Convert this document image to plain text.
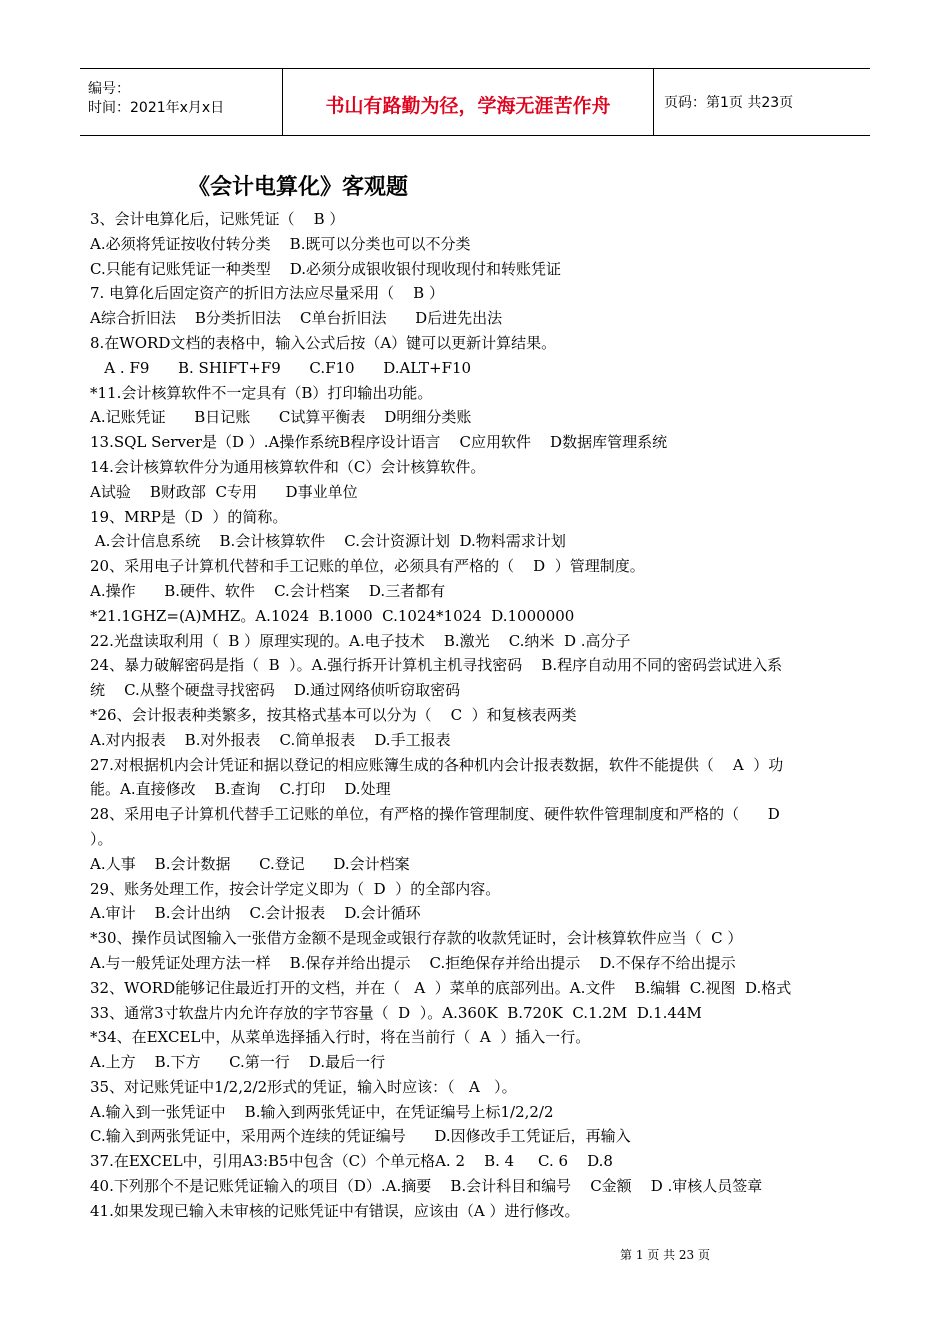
编号：
时间：2021年x月x日	书山有路勤为径，学海无涯苦作舟	页码：第1页 共23页
《会计电算化》客观题
3、会计电算化后，记账凭证（    B ）
A.必须将凭证按收付转分类    B.既可以分类也可以不分类
C.只能有记账凭证一种类型    D.必须分成银收银付现收现付和转账凭证
7. 电算化后固定资产的折旧方法应尽量采用（    B ）
A综合折旧法    B分类折旧法    C单台折旧法      D后进先出法
8.在WORD文档的表格中，输入公式后按（A）键可以更新计算结果。
A . F9      B. SHIFT+F9      C.F10      D.ALT+F10
*11.会计核算软件不一定具有（B）打印输出功能。
A.记账凭证      B日记账      C试算平衡表    D明细分类账
13.SQL Server是（D ）.A操作系统B程序设计语言    C应用软件    D数据库管理系统
14.会计核算软件分为通用核算软件和（C）会计核算软件。
A试验    B财政部  C专用      D事业单位
19、MRP是（D  ）的简称。
A.会计信息系统    B.会计核算软件    C.会计资源计划  D.物料需求计划
20、采用电子计算机代替和手工记账的单位，必须具有严格的（    D  ）管理制度。
A.操作      B.硬件、软件    C.会计档案    D.三者都有
*21.1GHZ=(A)MHZ。A.1024  B.1000  C.1024*1024  D.1000000
22.光盘读取利用（  B ）原理实现的。A.电子技术    B.激光    C.纳米  D .高分子
24、暴力破解密码是指（  B  ）。A.强行拆开计算机主机寻找密码    B.程序自动用不同的密码尝试进入系
统    C.从整个硬盘寻找密码    D.通过网络侦听窃取密码
*26、会计报表种类繁多，按其格式基本可以分为（    C  ）和复核表两类
A.对内报表    B.对外报表    C.简单报表    D.手工报表
27.对根据机内会计凭证和据以登记的相应账簿生成的各种机内会计报表数据，软件不能提供（    A  ）功
能。A.直接修改    B.查询    C.打印    D.处理
28、采用电子计算机代替手工记账的单位，有严格的操作管理制度、硬件软件管理制度和严格的（      D
）。
A.人事    B.会计数据      C.登记      D.会计档案
29、账务处理工作，按会计学定义即为（  D  ）的全部内容。
A.审计    B.会计出纳    C.会计报表    D.会计循环
*30、操作员试图输入一张借方金额不是现金或银行存款的收款凭证时，会计核算软件应当（  C ）
A.与一般凭证处理方法一样    B.保存并给出提示    C.拒绝保存并给出提示    D.不保存不给出提示
32、WORD能够记住最近打开的文档，并在（   A  ）菜单的底部列出。A.文件    B.编辑  C.视图  D.格式
33、通常3寸软盘片内允许存放的字节容量（  D  ）。A.360K  B.720K  C.1.2M  D.1.44M
*34、在EXCEL中，从菜单选择插入行时，将在当前行（  A  ）插入一行。
A.上方    B.下方      C.第一行    D.最后一行
35、对记账凭证中1/2,2/2形式的凭证，输入时应该：（   A   ）。
A.输入到一张凭证中    B.输入到两张凭证中，在凭证编号上标1/2,2/2
C.输入到两张凭证中，采用两个连续的凭证编号      D.因修改手工凭证后，再输入
37.在EXCEL中，引用A3:B5中包含（C）个单元格A. 2    B. 4     C. 6    D.8
40.下列那个不是记账凭证输入的项目（D）.A.摘要    B.会计科目和编号    C金额    D .审核人员签章
41.如果发现已输入未审核的记账凭证中有错误，应该由（A ）进行修改。
第 1 页 共 23 页
